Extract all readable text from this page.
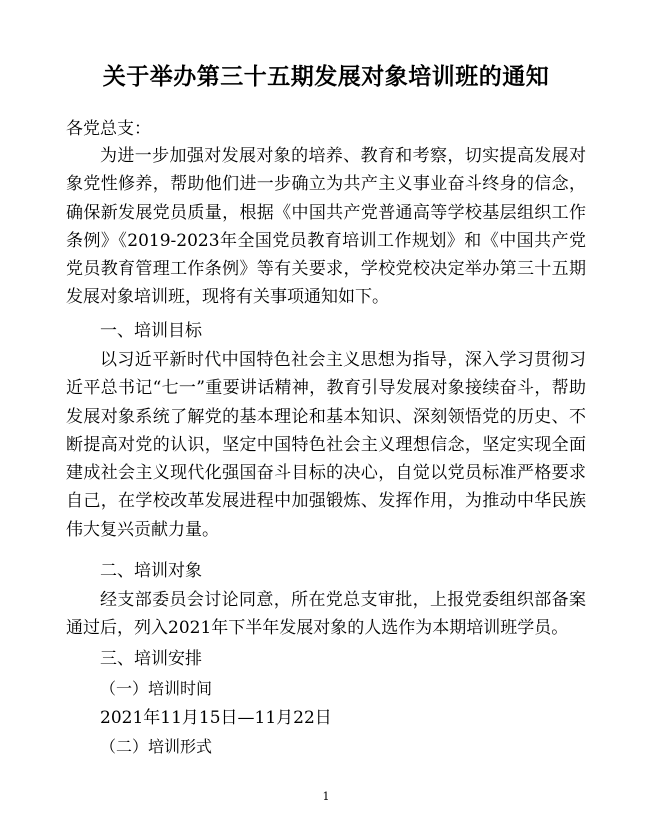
关于举办第三十五期发展对象培训班的通知
各党总支：
为进一步加强对发展对象的培养、教育和考察，切实提高发展对象党性修养，帮助他们进一步确立为共产主义事业奋斗终身的信念，确保新发展党员质量，根据《中国共产党普通高等学校基层组织工作条例》《2019-2023年全国党员教育培训工作规划》和《中国共产党党员教育管理工作条例》等有关要求，学校党校决定举办第三十五期发展对象培训班，现将有关事项通知如下。
一、培训目标
以习近平新时代中国特色社会主义思想为指导，深入学习贯彻习近平总书记“七一”重要讲话精神，教育引导发展对象接续奋斗，帮助发展对象系统了解党的基本理论和基本知识、深刻领悟党的历史、不断提高对党的认识，坚定中国特色社会主义理想信念，坚定实现全面建成社会主义现代化强国奋斗目标的决心，自觉以党员标准严格要求自己，在学校改革发展进程中加强锻炼、发挥作用，为推动中华民族伟大复兴贡献力量。
二、培训对象
经支部委员会讨论同意，所在党总支审批，上报党委组织部备案通过后，列入2021年下半年发展对象的人选作为本期培训班学员。
三、培训安排
（一）培训时间
2021年11月15日—11月22日
（二）培训形式
1
